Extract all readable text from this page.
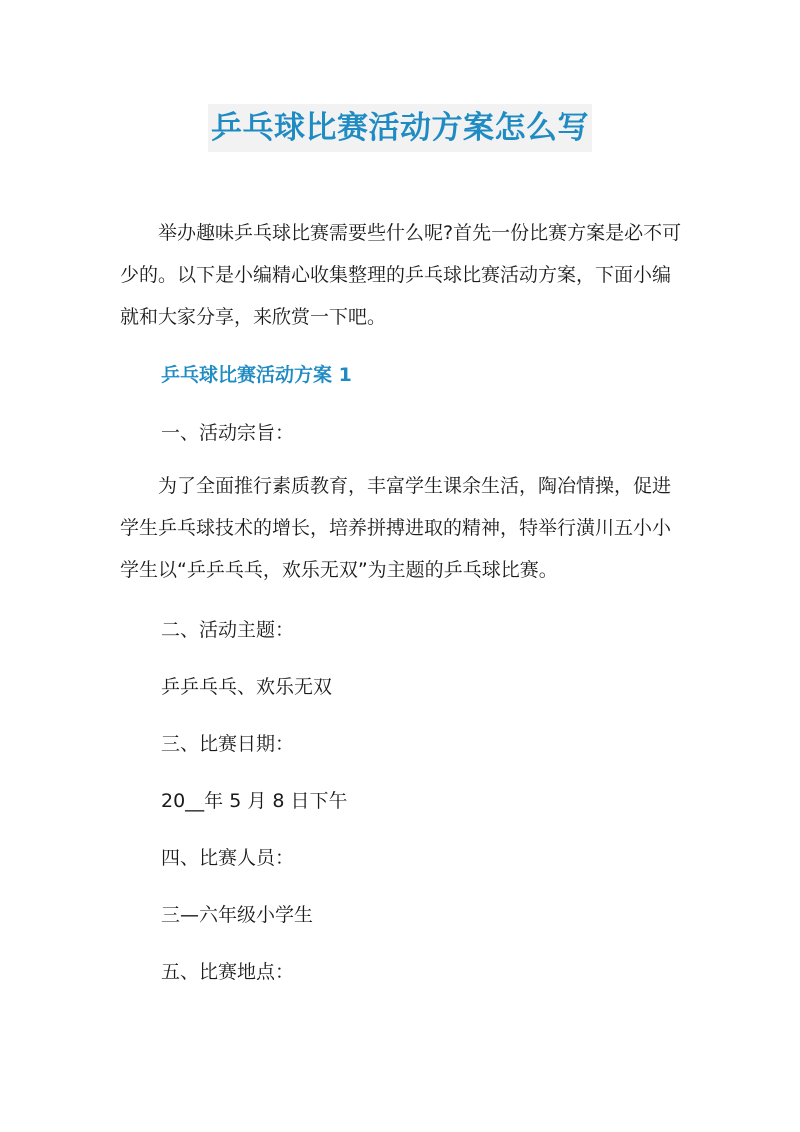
乒乓球比赛活动方案怎么写

举办趣味乒乓球比赛需要些什么呢?首先一份比赛方案是必不可少的。以下是小编精心收集整理的乒乓球比赛活动方案，下面小编就和大家分享，来欣赏一下吧。

乒乓球比赛活动方案 1

一、活动宗旨：

为了全面推行素质教育，丰富学生课余生活，陶冶情操，促进学生乒乓球技术的增长，培养拼搏进取的精神，特举行潢川五小小学生以“乒乒乓乓，欢乐无双”为主题的乒乓球比赛。

二、活动主题：

乒乒乓乓、欢乐无双

三、比赛日期：

20__年 5 月 8 日下午

四、比赛人员：

三—六年级小学生

五、比赛地点：
